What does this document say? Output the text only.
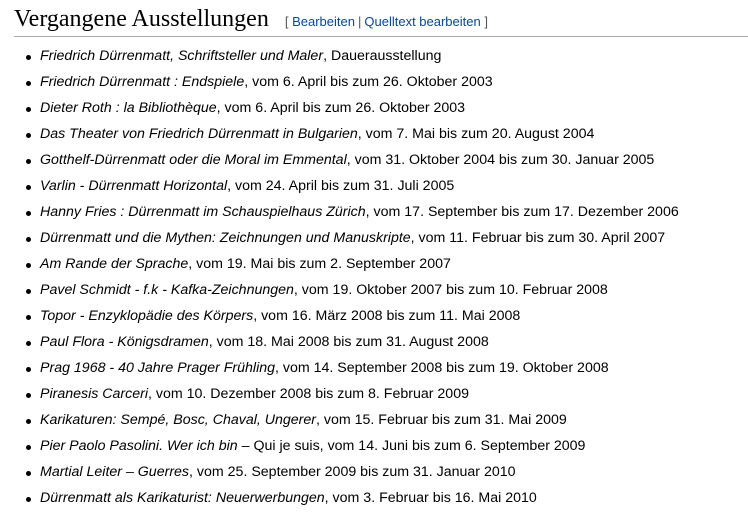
Vergangene Ausstellungen [ Bearbeiten | Quelltext bearbeiten ]
Friedrich Dürrenmatt, Schriftsteller und Maler, Dauerausstellung
Friedrich Dürrenmatt : Endspiele, vom 6. April bis zum 26. Oktober 2003
Dieter Roth : la Bibliothèque, vom 6. April bis zum 26. Oktober 2003
Das Theater von Friedrich Dürrenmatt in Bulgarien, vom 7. Mai bis zum 20. August 2004
Gotthelf-Dürrenmatt oder die Moral im Emmental, vom 31. Oktober 2004 bis zum 30. Januar 2005
Varlin - Dürrenmatt Horizontal, vom 24. April bis zum 31. Juli 2005
Hanny Fries : Dürrenmatt im Schauspielhaus Zürich, vom 17. September bis zum 17. Dezember 2006
Dürrenmatt und die Mythen: Zeichnungen und Manuskripte, vom 11. Februar bis zum 30. April 2007
Am Rande der Sprache, vom 19. Mai bis zum 2. September 2007
Pavel Schmidt - f.k - Kafka-Zeichnungen, vom 19. Oktober 2007 bis zum 10. Februar 2008
Topor - Enzyklopädie des Körpers, vom 16. März 2008 bis zum 11. Mai 2008
Paul Flora - Königsdramen, vom 18. Mai 2008 bis zum 31. August 2008
Prag 1968 - 40 Jahre Prager Frühling, vom 14. September 2008 bis zum 19. Oktober 2008
Piranesis Carceri, vom 10. Dezember 2008 bis zum 8. Februar 2009
Karikaturen: Sempé, Bosc, Chaval, Ungerer, vom 15. Februar bis zum 31. Mai 2009
Pier Paolo Pasolini. Wer ich bin – Qui je suis, vom 14. Juni bis zum 6. September 2009
Martial Leiter – Guerres, vom 25. September 2009 bis zum 31. Januar 2010
Dürrenmatt als Karikaturist: Neuerwerbungen, vom 3. Februar bis 16. Mai 2010
